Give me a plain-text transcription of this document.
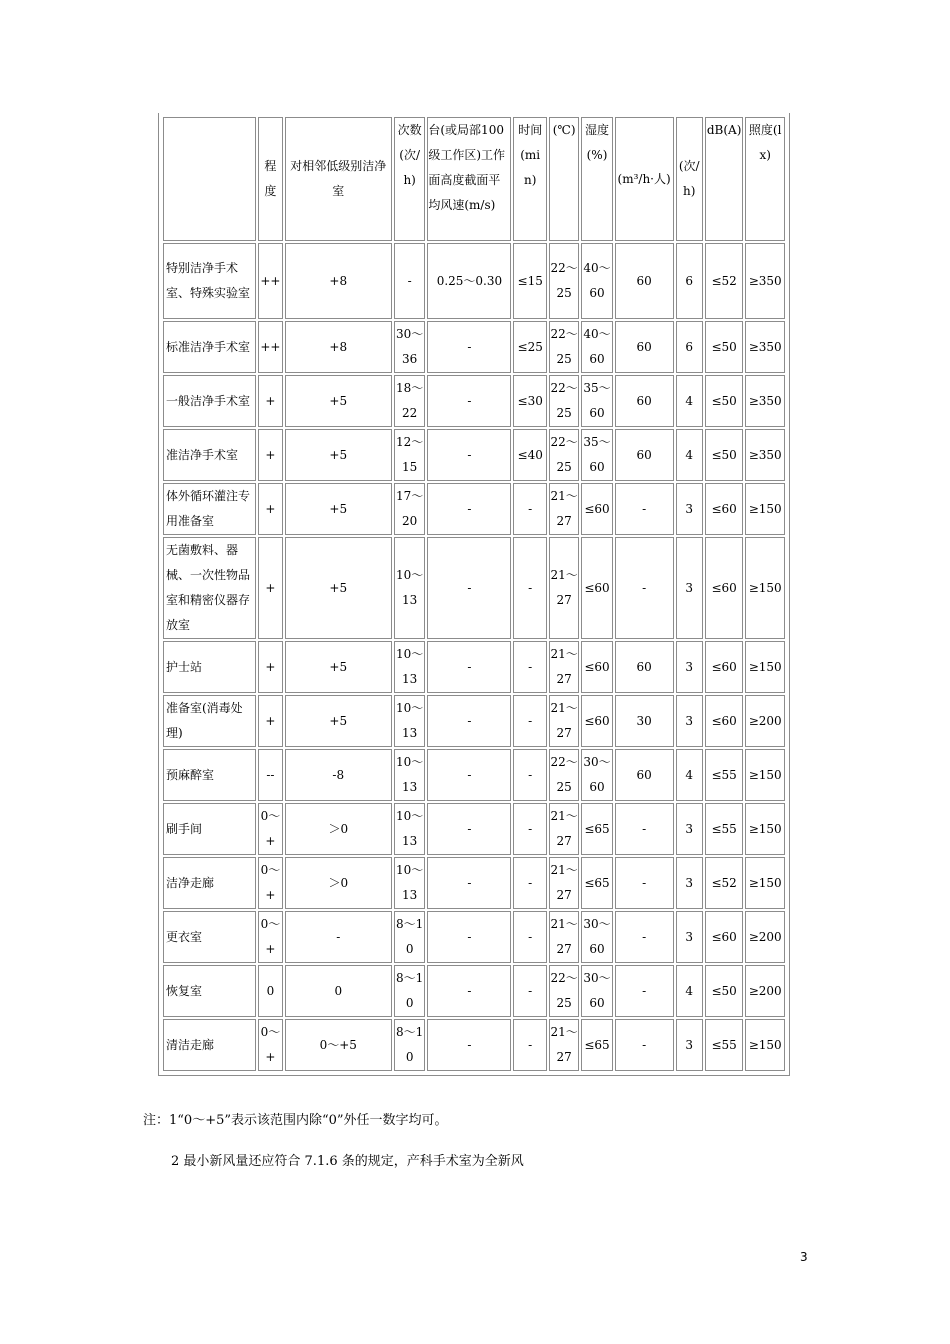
	程度	对相邻低级别洁净室	次数(次/h)	台(或局部100级工作区)工作面高度截面平均风速(m/s)	时间(min)	(℃)	湿度(%)	(m³/h·人)	(次/h)	dB(A)	照度(lx)
特别洁净手术室、特殊实验室	++	+8	-	0.25～0.30	≤15	22～25	40～60	60	6	≤52	≥350
标准洁净手术室	++	+8	30～36	-	≤25	22～25	40～60	60	6	≤50	≥350
一般洁净手术室	+	+5	18～22	-	≤30	22～25	35～60	60	4	≤50	≥350
准洁净手术室	+	+5	12～15	-	≤40	22～25	35～60	60	4	≤50	≥350
体外循环灌注专用准备室	+	+5	17～20	-	-	21～27	≤60	-	3	≤60	≥150
无菌敷料、器械、一次性物品室和精密仪器存放室	+	+5	10～13	-	-	21～27	≤60	-	3	≤60	≥150
护士站	+	+5	10～13	-	-	21～27	≤60	60	3	≤60	≥150
准备室(消毒处理)	+	+5	10～13	-	-	21～27	≤60	30	3	≤60	≥200
预麻醉室	--	-8	10～13	-	-	22～25	30～60	60	4	≤55	≥150
刷手间	0～+	＞0	10～13	-	-	21～27	≤65	-	3	≤55	≥150
洁净走廊	0～+	＞0	10～13	-	-	21～27	≤65	-	3	≤52	≥150
更衣室	0～+	-	8～10	-	-	21～27	30～60	-	3	≤60	≥200
恢复室	0	0	8～10	-	-	22～25	30～60	-	4	≤50	≥200
清洁走廊	0～+	0～+5	8～10	-	-	21～27	≤65	-	3	≤55	≥150
注：1“0～+5”表示该范围内除“0”外任一数字均可。
2 最小新风量还应符合 7.1.6 条的规定，产科手术室为全新风
3
